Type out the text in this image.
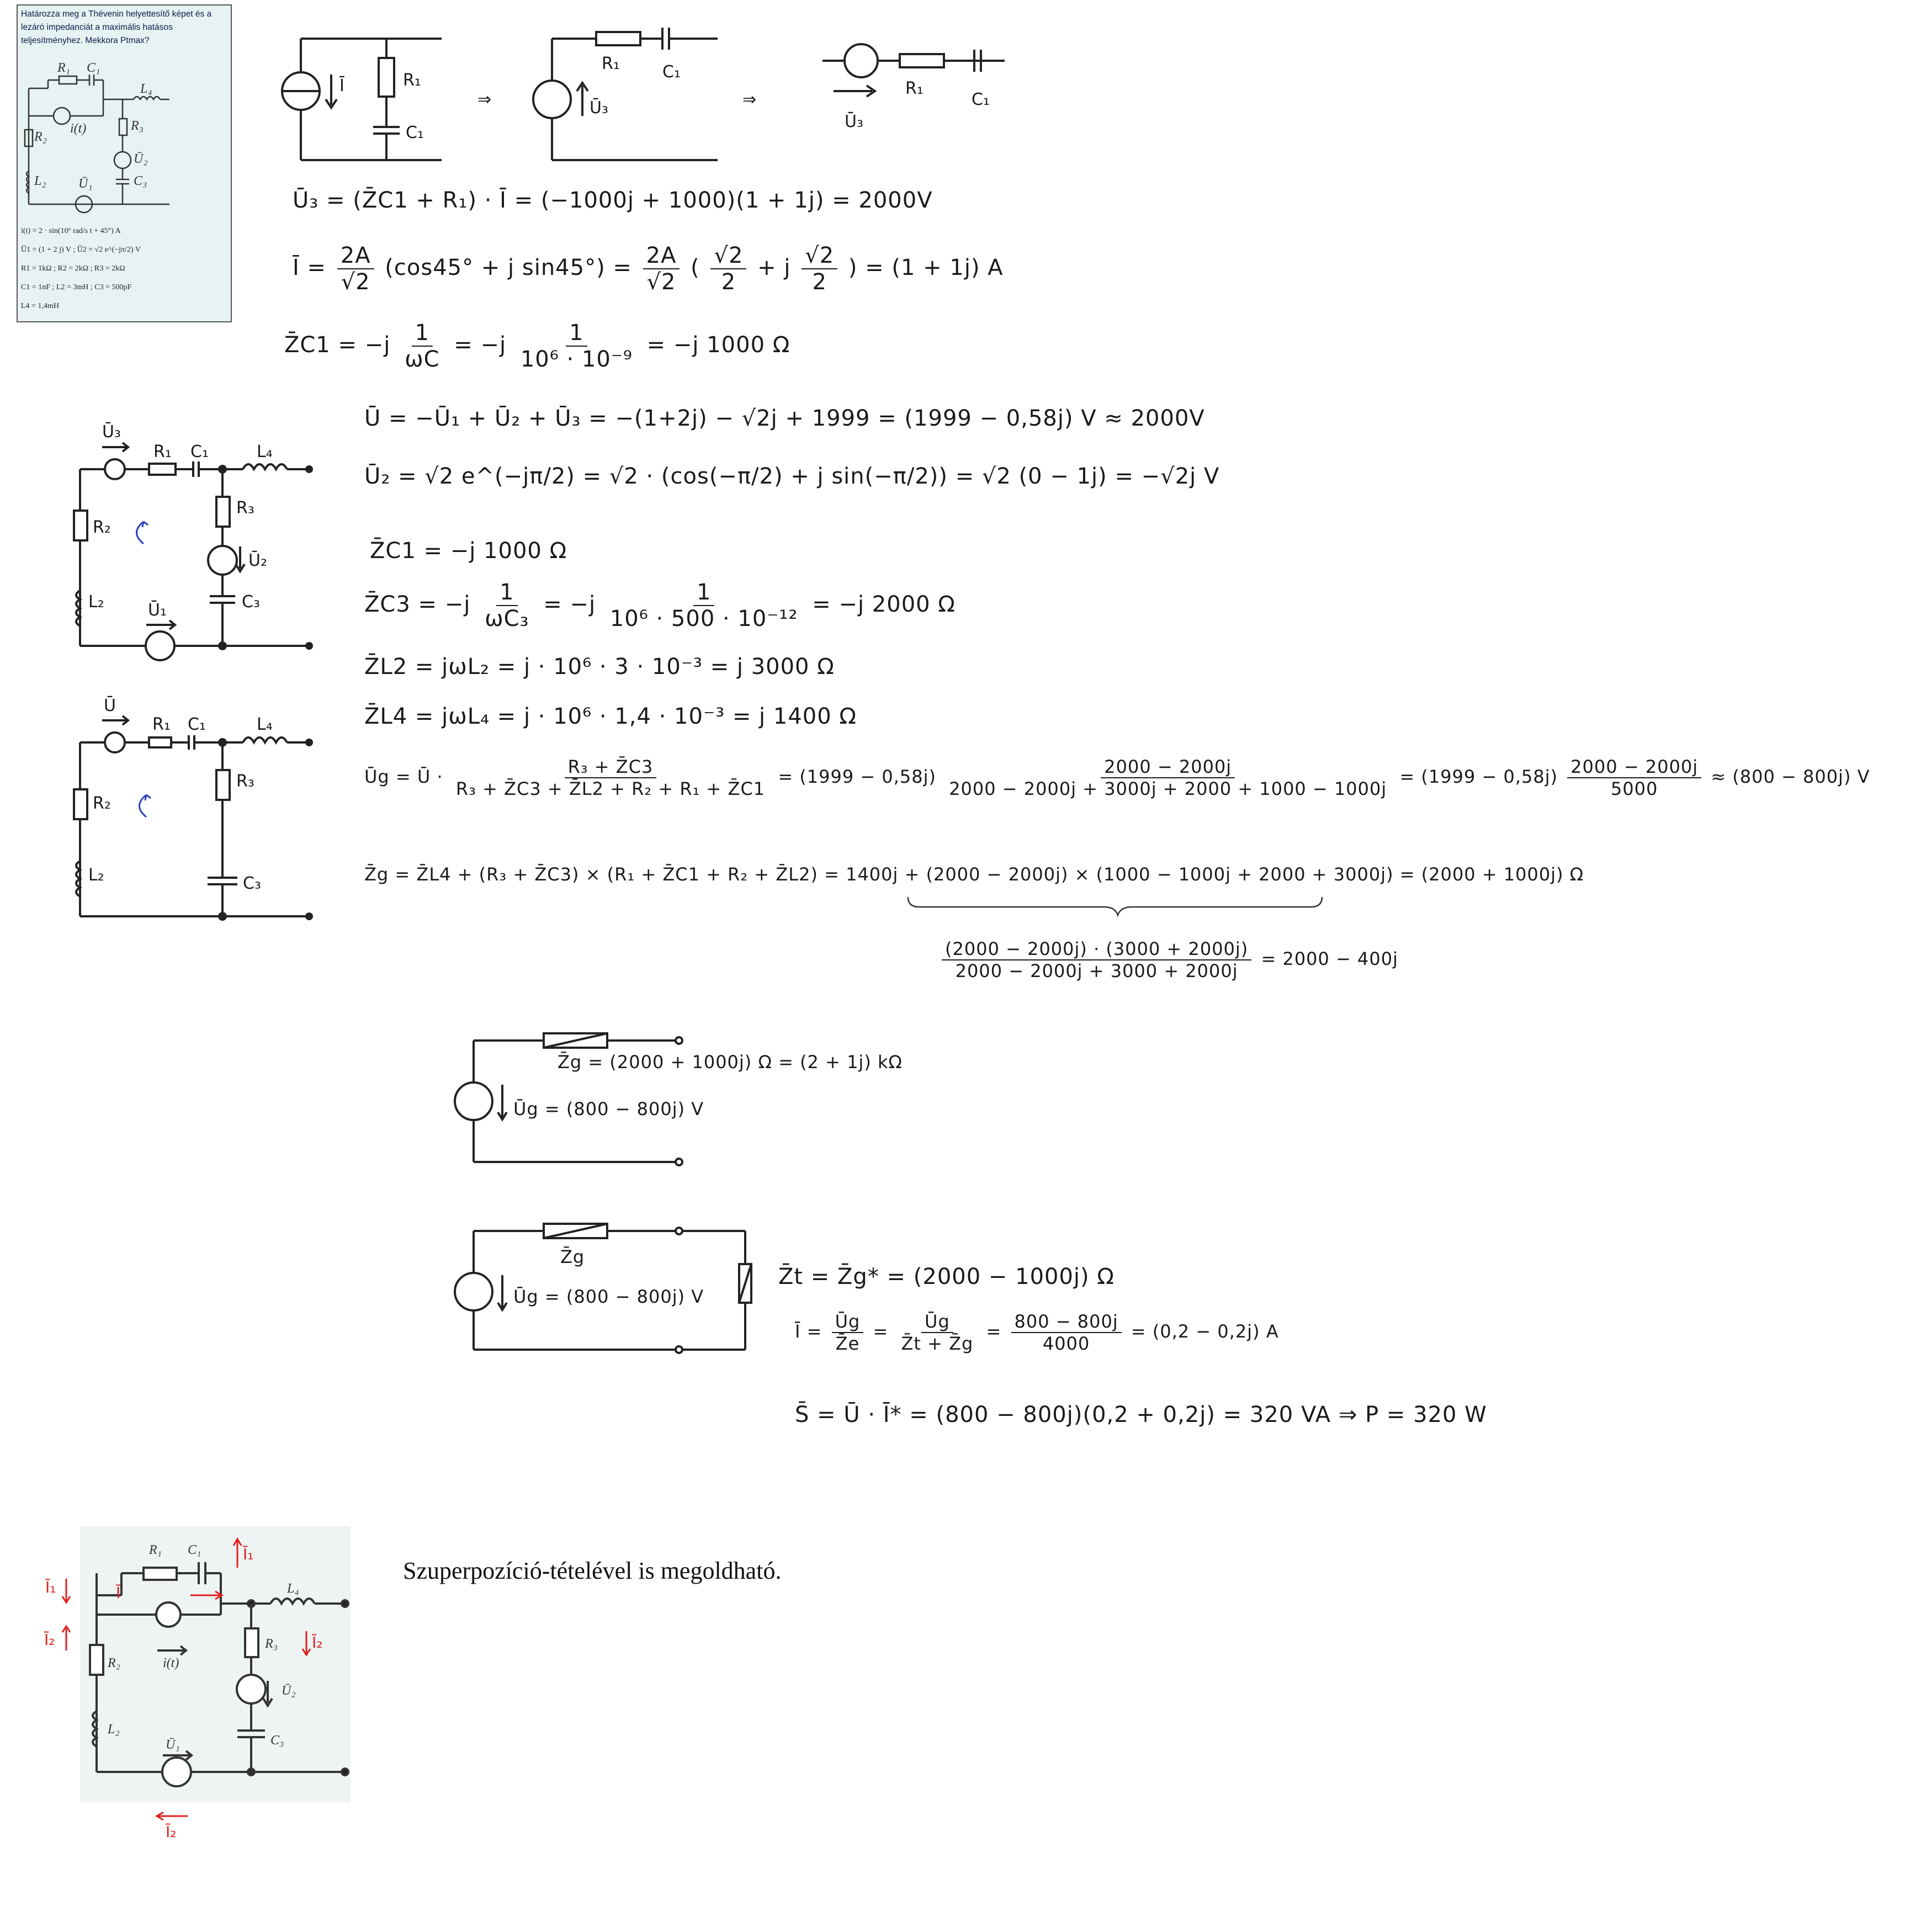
Határozza meg a Thévenin helyettesítő képet és a lezáró impedanciát a maximális hatásos teljesítményhez. Mekkora Ptmax?
R₁ C₁
L₄
R₂
R₃
C₃
L₂ Ū₁
Ū₂
i(t)
i(t) = 2 · sin(10⁶ rad/s t + 45°) A
U̅1 = (1 + 2 j) V ; U̅2 = √2 e^(−jπ/2) V
R1 = 1kΩ ; R2 = 2kΩ ; R3 = 2kΩ
C1 = 1nF ; L2 = 3mH ; C3 = 500pF
L4 = 1,4mH
Ī	R₁
C₁
⇒
R₁	C₁
Ū₃	⇒
R₁
C₁
Ū₃
Ū₃ = (Z̄C1 + R₁) · Ī = (−1000j + 1000)(1 + 1j) = 2000V
Ī = $\frac{2A}{√2} (\cos 45^\circ + j$ $\sin 45^\circ) = \frac{2A}{√2}$ ( $\frac{√2}{2} + j \frac{√2}{2}$ ) = (1 + 1j) A
Z̄C1 = $-j \frac{1}{\omega C} = -j \frac{1}{\text{10⁶ · 10⁻⁹}} = -j$ 1000 Ω
Ū₃
R₁ C₁	L₄
R₃
Ū₂
C₃
R₂
L₂	Ū₁
Ū
R₁ C₁	L₄
R₃
C₃
R₂
L₂
Ū = −Ū₁ + Ū₂ + Ū₃ = −(1+2j) − √2j + 1999 = (1999 − 0,58j) V ≈ 2000V
Ū₂ = √2 e^(−jπ/2) = √2 · (cos(−π/2) + j sin(−π/2)) = √2 (0 − 1j) = −√2j V
Z̄C1 = −j 1000 Ω
Z̄C3 = $-j \frac{1}{\text{ωC₃}} = -j \frac{1}{\text{10⁶ · 500 · 10⁻¹²}} = -j$ 2000 Ω
Z̄L2 = jωL₂ = j · 10⁶ · 3 · 10⁻³ = j 3000 Ω
Z̄L4 = jωL₄ = j · 10⁶ · 1,4 · 10⁻³ = j 1400 Ω
Ūg = Ū · $\frac{\text{R₃ + Z̄C3}}{\text{R₃ + Z̄C3 + Z̄L2 + R₂ + R₁ + Z̄C1}} = (1999 - 0,58j) \frac{2000 - 2000j}{2000 - 2000j + 3000j + 2000 + 1000 - 1000j} = (1999 - 0,58j) \frac{2000 - 2000j}{5000} \approx (800 - 800j)$ V
Z̄g = Z̄L4 + (R₃ + Z̄C3) × (R₁ + Z̄C1 + R₂ + Z̄L2) = 1400j + (2000 − 2000j) × (1000 − 1000j + 2000 + 3000j) = (2000 + 1000j) Ω
$\frac{(2000 - 2000j) \cdot (3000 + 2000j)}{2000 - 2000j + 3000 + 2000j} = 2000 - 400j$
Z̄g = (2000 + 1000j) Ω = (2 + 1j) kΩ
Ūg = (800 − 800j) V
Z̄g
Ūg = (800 − 800j) V
Z̄t = Z̄g* = (2000 − 1000j) Ω
Ī = $\frac{Ūg}{Z̄e} = \frac{Ūg}{Z̄t + Z̄g} = \frac{800 - 800j}{4000} = (0,2 - 0,2j)$ A
S̄ = Ū · Ī* = (800 − 800j)(0,2 + 0,2j) = 320 VA ⇒ P = 320 W
Ī₁
Ī₂
Ī₁
Ī₂
Ī
Ī₂
R₁ C₁
L₄
R₃
Ū₂
C₃
R₂
L₂
Ū₁
i(t)
Szuperpozíció-tételével is megoldható.
